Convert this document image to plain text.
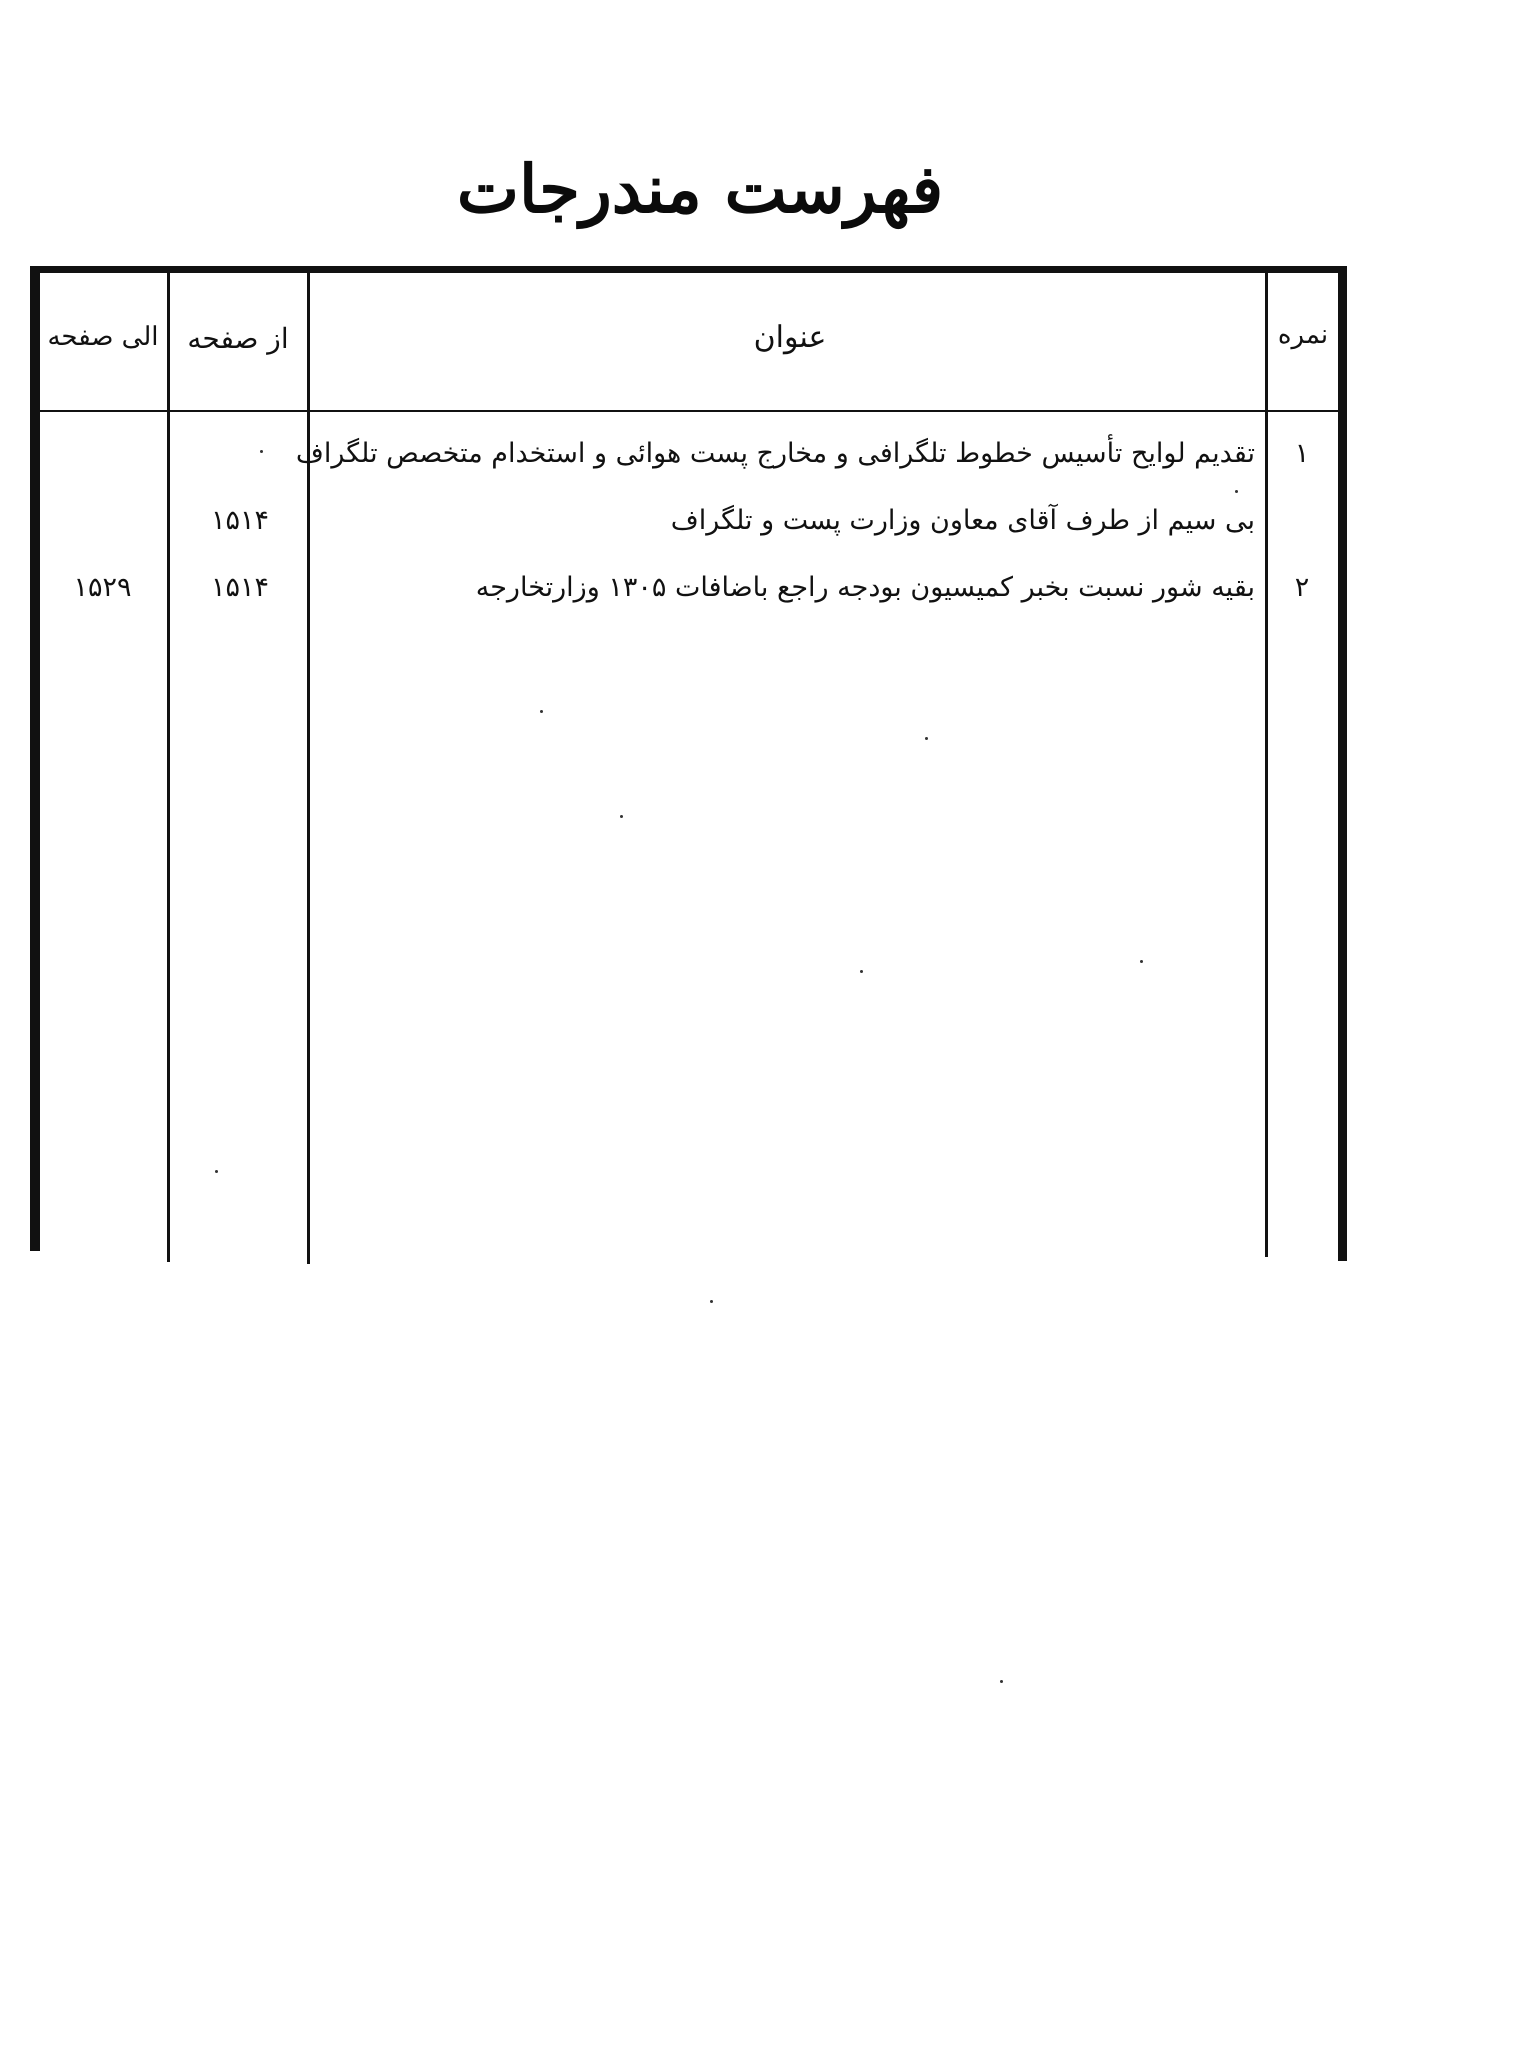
فهرست مندرجات
نمره
عنوان
از صفحه
الی صفحه
۱
تقدیم لوایح تأسیس خطوط تلگرافی و مخارج پست هوائی و استخدام متخصص تلگراف
بی سیم از طرف آقای معاون وزارت پست و تلگراف
۱۵۱۴
۲
بقیه شور نسبت بخبر کمیسیون بودجه راجع باضافات ۱۳۰۵ وزارتخارجه
۱۵۱۴
۱۵۲۹
